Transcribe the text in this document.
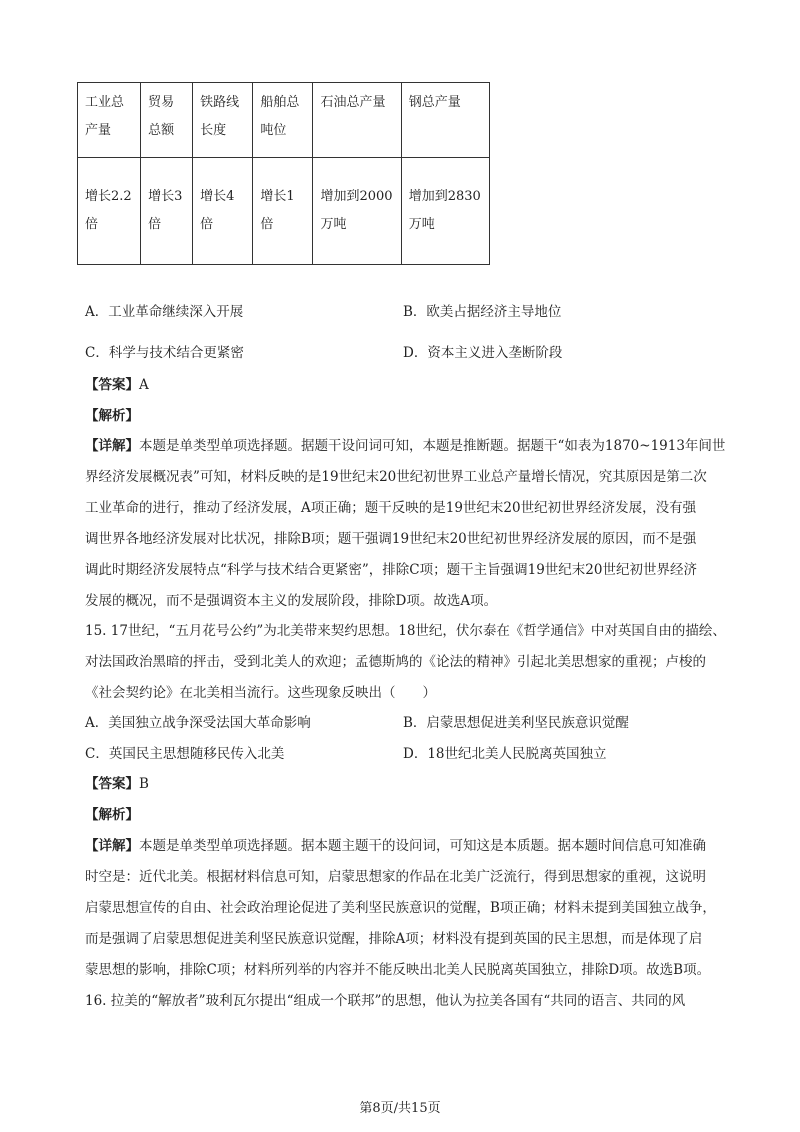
工业总产量	贸易总额	铁路线长度	船舶总吨位	石油总产量	钢总产量
增长2.2倍	增长3倍	增长4倍	增长1倍	增加到2000万吨	增加到2830万吨
A．工业革命继续深入开展	B．欧美占据经济主导地位
C．科学与技术结合更紧密	D．资本主义进入垄断阶段
【答案】A
【解析】
【详解】本题是单类型单项选择题。据题干设问词可知，本题是推断题。据题干“如表为1870~1913年间世
界经济发展概况表”可知，材料反映的是19世纪末20世纪初世界工业总产量增长情况，究其原因是第二次
工业革命的进行，推动了经济发展，A项正确；题干反映的是19世纪末20世纪初世界经济发展，没有强
调世界各地经济发展对比状况，排除B项；题干强调19世纪末20世纪初世界经济发展的原因，而不是强
调此时期经济发展特点“科学与技术结合更紧密”，排除C项；题干主旨强调19世纪末20世纪初世界经济
发展的概况，而不是强调资本主义的发展阶段，排除D项。故选A项。
15. 17世纪，“五月花号公约”为北美带来契约思想。18世纪，伏尔泰在《哲学通信》中对英国自由的描绘、
对法国政治黑暗的抨击，受到北美人的欢迎；孟德斯鸠的《论法的精神》引起北美思想家的重视；卢梭的
《社会契约论》在北美相当流行。这些现象反映出（　　）
A．美国独立战争深受法国大革命影响	B．启蒙思想促进美利坚民族意识觉醒
C．英国民主思想随移民传入北美	D．18世纪北美人民脱离英国独立
【答案】B
【解析】
【详解】本题是单类型单项选择题。据本题主题干的设问词，可知这是本质题。据本题时间信息可知准确
时空是：近代北美。根据材料信息可知，启蒙思想家的作品在北美广泛流行，得到思想家的重视，这说明
启蒙思想宣传的自由、社会政治理论促进了美利坚民族意识的觉醒，B项正确；材料未提到美国独立战争，
而是强调了启蒙思想促进美利坚民族意识觉醒，排除A项；材料没有提到英国的民主思想，而是体现了启
蒙思想的影响，排除C项；材料所列举的内容并不能反映出北美人民脱离英国独立，排除D项。故选B项。
16. 拉美的“解放者”玻利瓦尔提出“组成一个联邦”的思想，他认为拉美各国有“共同的语言、共同的风
第8页/共15页
